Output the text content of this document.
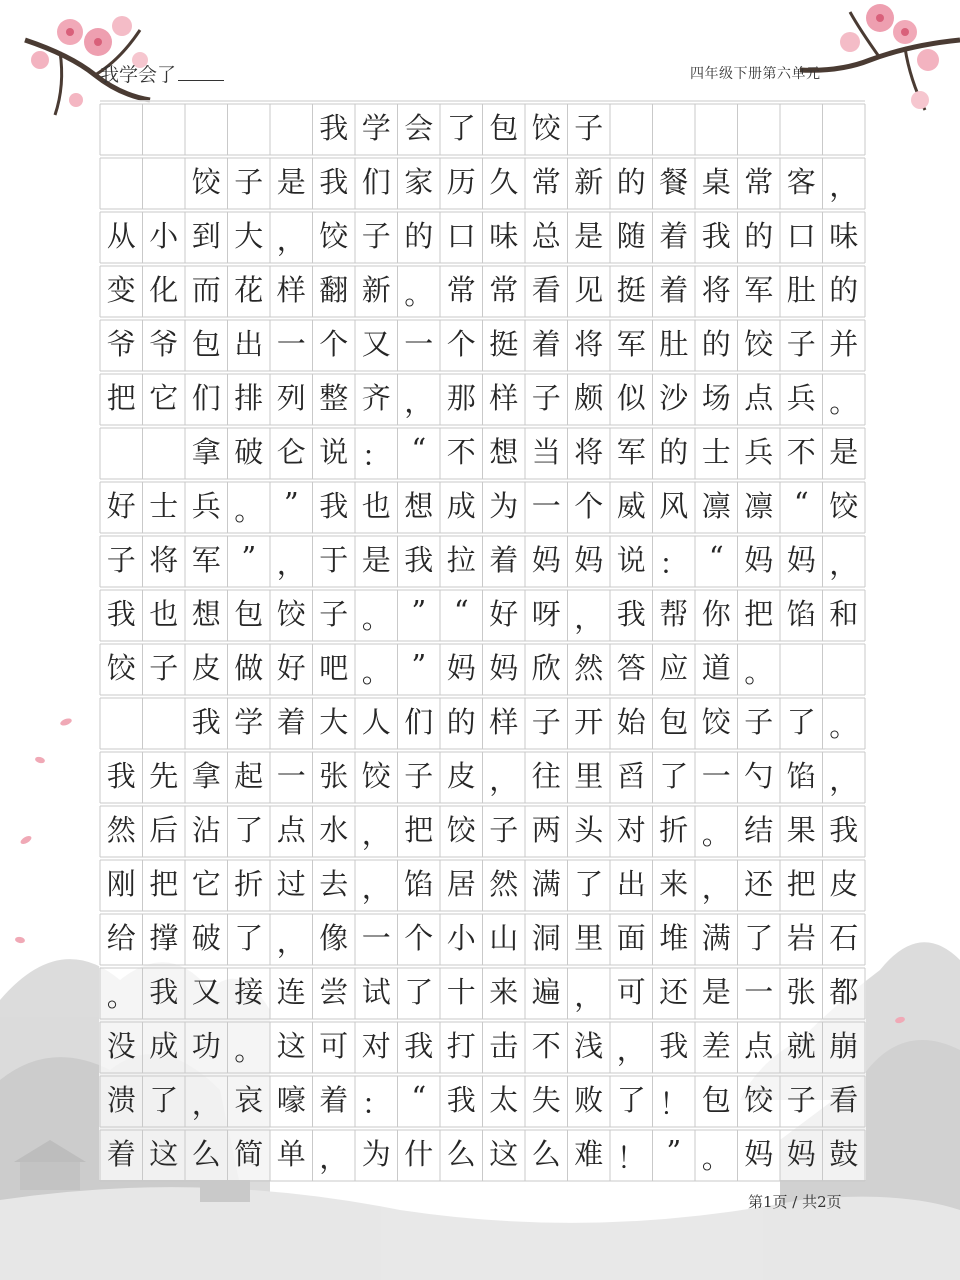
我学会了	四年级下册第六单元
我 学 会 了 包 饺 子
饺 子 是 我 们 家 历 久 常 新 的 餐 桌 常 客 ，
从 小 到 大 ， 饺 子 的 口 味 总 是 随 着 我 的 口 味
变 化 而 花 样 翻 新 。 常 常 看 见 挺 着 将 军 肚 的
爷 爷 包 出 一 个 又 一 个 挺 着 将 军 肚 的 饺 子 并
把 它 们 排 列 整 齐 ， 那 样 子 颇 似 沙 场 点 兵 。
拿 破 仑 说 ： “ 不 想 当 将 军 的 士 兵 不 是
好 士 兵 。 ” 我 也 想 成 为 一 个 威 风 凛 凛 “ 饺
子 将 军 ” ， 于 是 我 拉 着 妈 妈 说 ： “ 妈 妈 ，
我 也 想 包 饺 子 。 ” “ 好 呀 ， 我 帮 你 把 馅 和
饺 子 皮 做 好 吧 。 ” 妈 妈 欣 然 答 应 道 。
我 学 着 大 人 们 的 样 子 开 始 包 饺 子 了 。
我 先 拿 起 一 张 饺 子 皮 ， 往 里 舀 了 一 勺 馅 ，
然 后 沾 了 点 水 ， 把 饺 子 两 头 对 折 。 结 果 我
刚 把 它 折 过 去 ， 馅 居 然 满 了 出 来 ， 还 把 皮
给 撑 破 了 ， 像 一 个 小 山 洞 里 面 堆 满 了 岩 石
。 我 又 接 连 尝 试 了 十 来 遍 ， 可 还 是 一 张 都
没 成 功 。 这 可 对 我 打 击 不 浅 ， 我 差 点 就 崩
溃 了 ， 哀 嚎 着 ： “ 我 太 失 败 了 ！ 包 饺 子 看
着 这 么 简 单 ， 为 什 么 这 么 难 ！ ” 。 妈 妈 鼓
第1页 / 共2页
